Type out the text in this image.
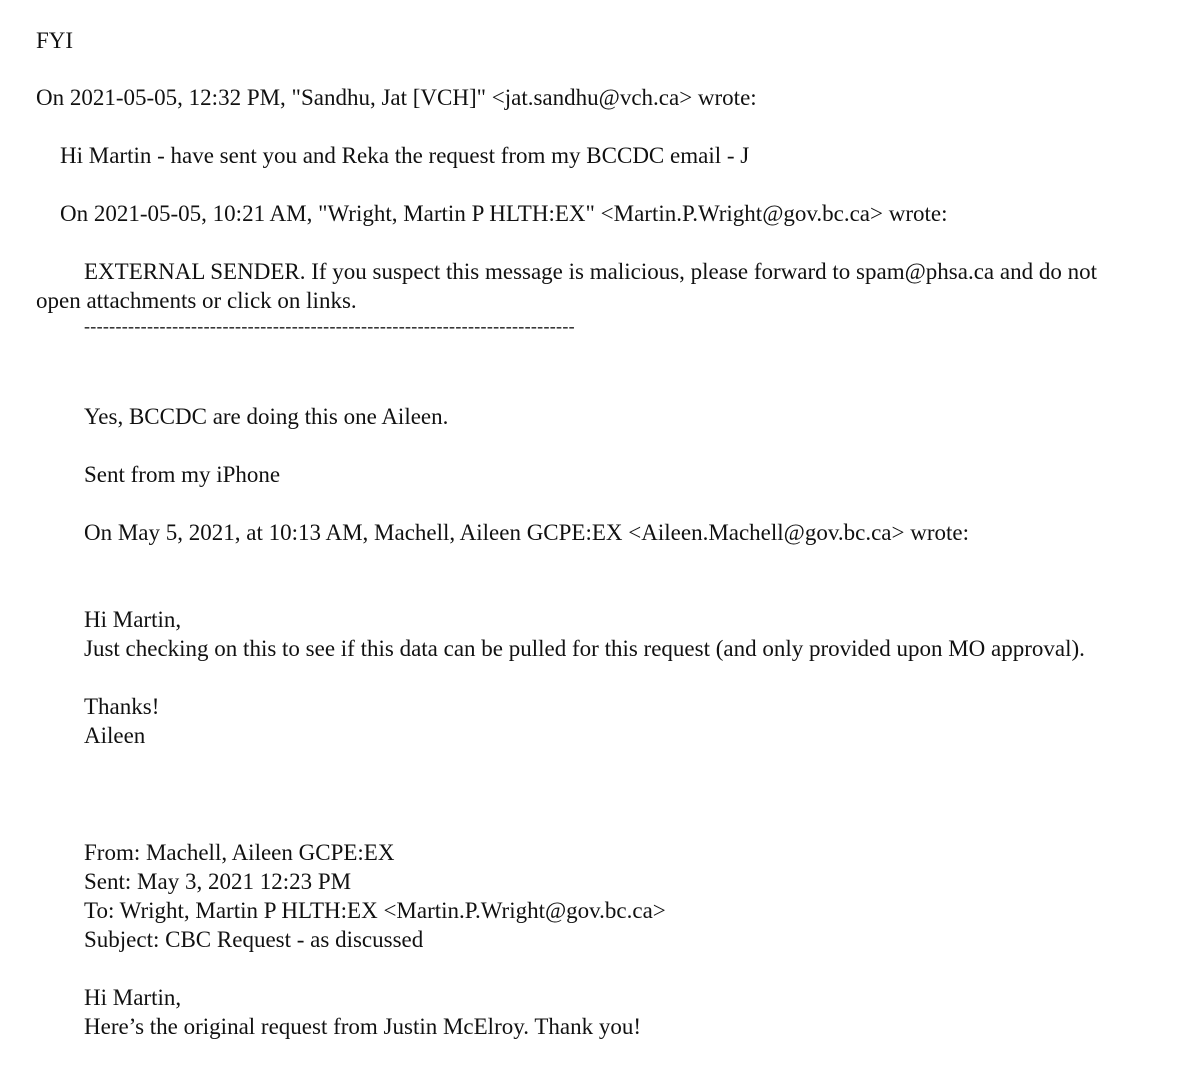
FYI

On 2021-05-05, 12:32 PM, "Sandhu, Jat [VCH]" <jat.sandhu@vch.ca> wrote:

Hi Martin - have sent you and Reka the request from my BCCDC email - J

On 2021-05-05, 10:21 AM, "Wright, Martin P HLTH:EX" <Martin.P.Wright@gov.bc.ca> wrote:

EXTERNAL SENDER. If you suspect this message is malicious, please forward to spam@phsa.ca and do not

open attachments or click on links.

------------------------------------------------------------------------------

Yes, BCCDC are doing this one Aileen.

Sent from my iPhone

On May 5, 2021, at 10:13 AM, Machell, Aileen GCPE:EX <Aileen.Machell@gov.bc.ca> wrote:

Hi Martin,

Just checking on this to see if this data can be pulled for this request (and only provided upon MO approval).

Thanks!

Aileen

From: Machell, Aileen GCPE:EX

Sent: May 3, 2021 12:23 PM

To: Wright, Martin P HLTH:EX <Martin.P.Wright@gov.bc.ca>

Subject: CBC Request - as discussed

Hi Martin,

Here’s the original request from Justin McElroy. Thank you!
